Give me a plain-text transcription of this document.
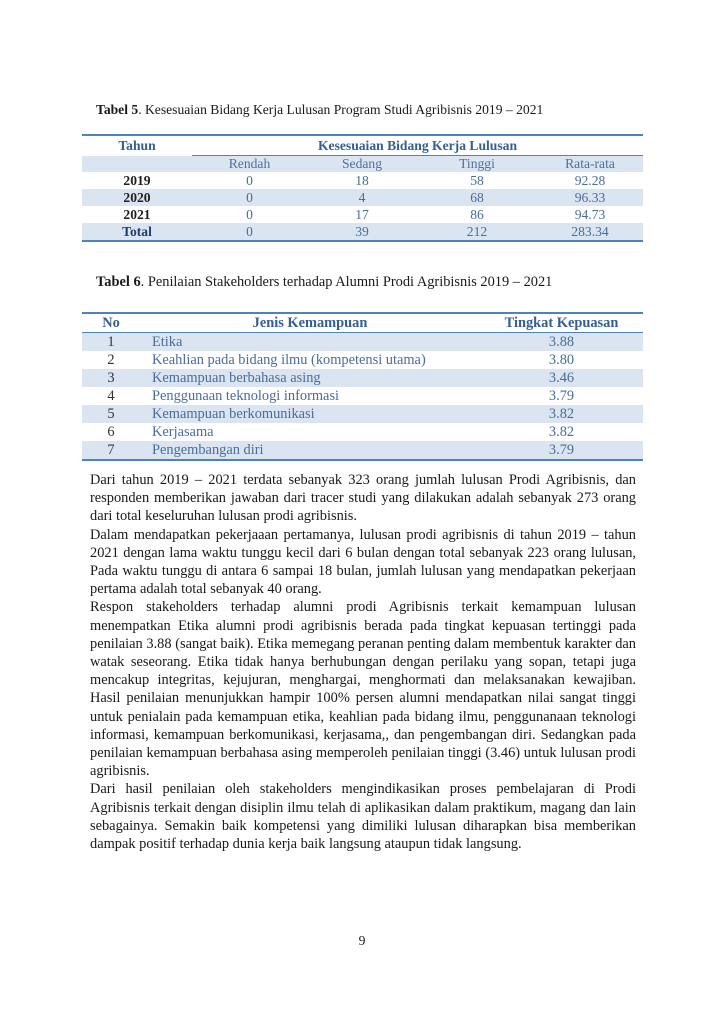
Tabel 5. Kesesuaian Bidang Kerja Lulusan Program Studi Agribisnis 2019 – 2021
Tahun	Kesesuaian Bidang Kerja Lulusan			
	Rendah	Sedang	Tinggi	Rata-rata
2019	0	18	58	92.28
2020	0	4	68	96.33
2021	0	17	86	94.73
Total	0	39	212	283.34
Tabel 6. Penilaian Stakeholders terhadap Alumni Prodi Agribisnis 2019 – 2021
No	Jenis Kemampuan	Tingkat Kepuasan
1	Etika	3.88
2	Keahlian pada bidang ilmu (kompetensi utama)	3.80
3	Kemampuan berbahasa asing	3.46
4	Penggunaan teknologi informasi	3.79
5	Kemampuan berkomunikasi	3.82
6	Kerjasama	3.82
7	Pengembangan diri	3.79

Dari tahun 2019 – 2021 terdata sebanyak 323 orang jumlah lulusan Prodi Agribisnis, dan responden memberikan jawaban dari tracer studi yang dilakukan adalah sebanyak 273 orang dari total keseluruhan lulusan prodi agribisnis.

Dalam mendapatkan pekerjaaan pertamanya, lulusan prodi agribisnis di tahun 2019 – tahun 2021 dengan lama waktu tunggu kecil dari 6 bulan dengan total sebanyak 223 orang lulusan, Pada waktu tunggu di antara 6 sampai 18 bulan, jumlah lulusan yang mendapatkan pekerjaan pertama adalah total sebanyak 40 orang.

Respon stakeholders terhadap alumni prodi Agribisnis terkait kemampuan lulusan menempatkan Etika alumni prodi agribisnis berada pada tingkat kepuasan tertinggi pada penilaian 3.88 (sangat baik). Etika memegang peranan penting dalam membentuk karakter dan watak seseorang. Etika tidak hanya berhubungan dengan perilaku yang sopan, tetapi juga mencakup integritas, kejujuran, menghargai, menghormati dan melaksanakan kewajiban. Hasil penilaian menunjukkan hampir 100% persen alumni mendapatkan nilai sangat tinggi untuk penialain pada kemampuan etika, keahlian pada bidang ilmu, penggunanaan teknologi informasi, kemampuan berkomunikasi, kerjasama,, dan pengembangan diri. Sedangkan pada penilaian kemampuan berbahasa asing memperoleh penilaian tinggi (3.46) untuk lulusan prodi agribisnis.

Dari hasil penilaian oleh stakeholders mengindikasikan proses pembelajaran di Prodi Agribisnis terkait dengan disiplin ilmu telah di aplikasikan dalam praktikum, magang dan lain sebagainya. Semakin baik kompetensi yang dimiliki lulusan diharapkan bisa memberikan dampak positif terhadap dunia kerja baik langsung ataupun tidak langsung.

9
